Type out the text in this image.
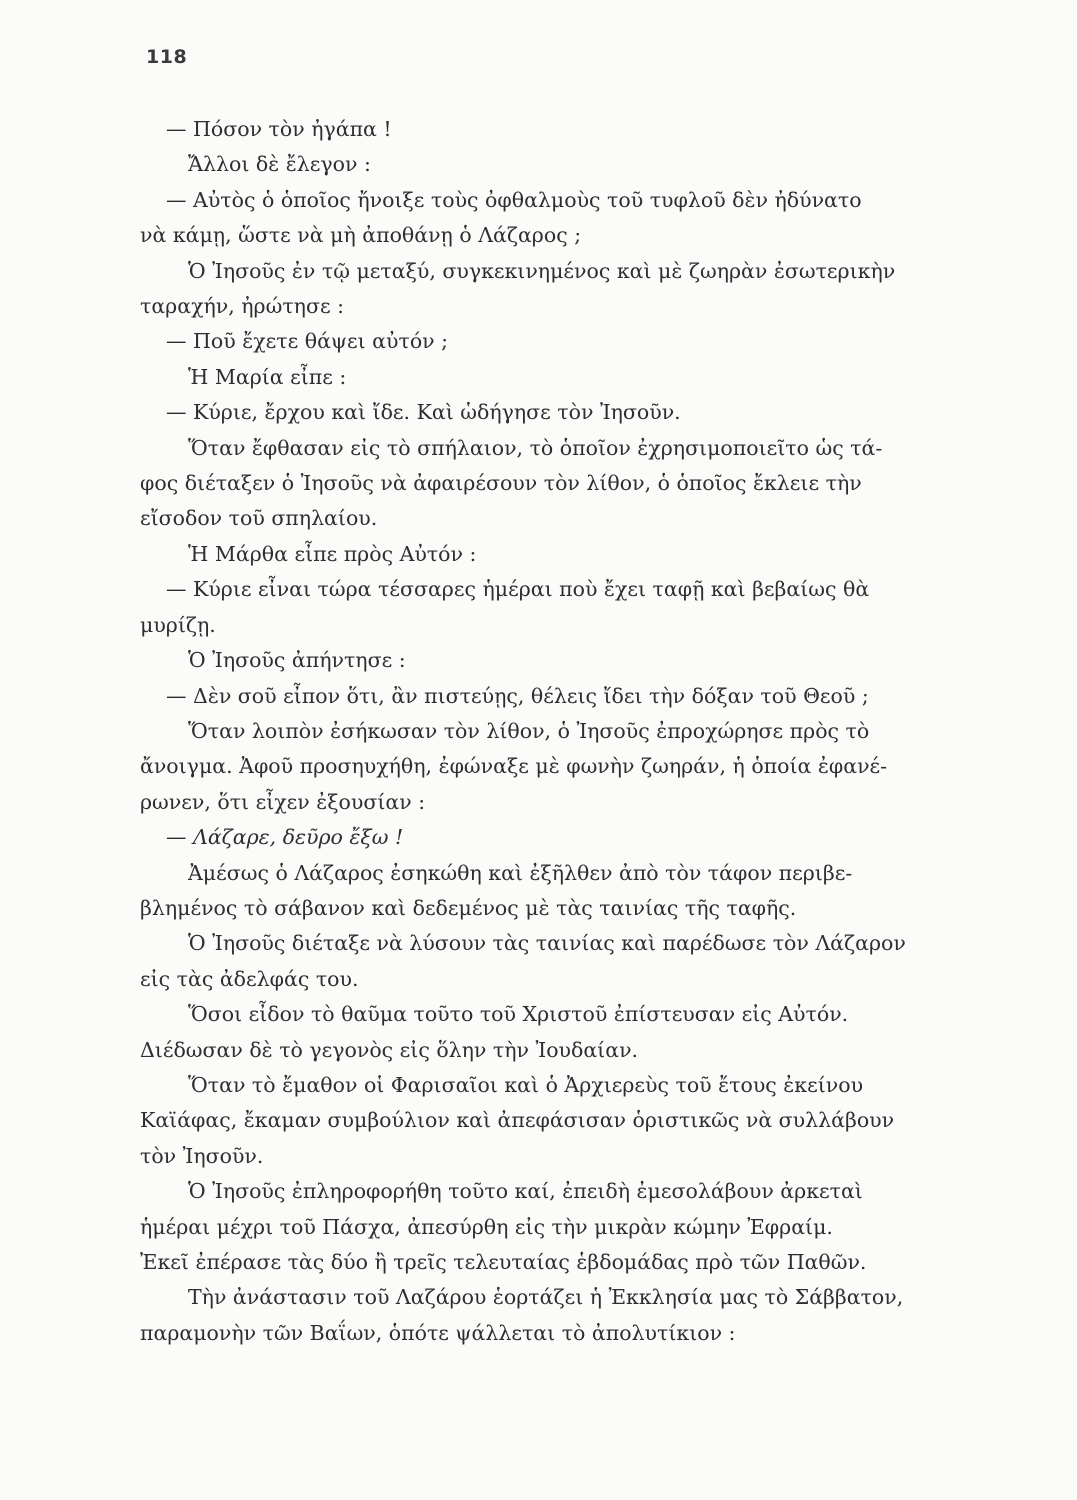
118
— Πόσον τὸν ἠγάπα !
Ἄλλοι δὲ ἔλεγον :
— Αὐτὸς ὁ ὁποῖος ἤνοιξε τοὺς ὀφθαλμοὺς τοῦ τυφλοῦ δὲν ἠδύνατο
νὰ κάμῃ, ὥστε νὰ μὴ ἀποθάνῃ ὁ Λάζαρος ;
Ὁ Ἰησοῦς ἐν τῷ μεταξύ, συγκεκινημένος καὶ μὲ ζωηρὰν ἐσωτερικὴν
ταραχήν, ἠρώτησε :
— Ποῦ ἔχετε θάψει αὐτόν ;
Ἡ Μαρία εἶπε :
— Κύριε, ἔρχου καὶ ἴδε. Καὶ ὡδήγησε τὸν Ἰησοῦν.
Ὅταν ἔφθασαν εἰς τὸ σπήλαιον, τὸ ὁποῖον ἐχρησιμοποιεῖτο ὡς τά-
φος διέταξεν ὁ Ἰησοῦς νὰ ἀφαιρέσουν τὸν λίθον, ὁ ὁποῖος ἔκλειε τὴν
εἴσοδον τοῦ σπηλαίου.
Ἡ Μάρθα εἶπε πρὸς Αὐτόν :
— Κύριε εἶναι τώρα τέσσαρες ἡμέραι ποὺ ἔχει ταφῇ καὶ βεβαίως θὰ
μυρίζῃ.
Ὁ Ἰησοῦς ἀπήντησε :
— Δὲν σοῦ εἶπον ὅτι, ἂν πιστεύῃς, θέλεις ἴδει τὴν δόξαν τοῦ Θεοῦ ;
Ὅταν λοιπὸν ἐσήκωσαν τὸν λίθον, ὁ Ἰησοῦς ἐπροχώρησε πρὸς τὸ
ἄνοιγμα. Ἀφοῦ προσηυχήθη, ἐφώναξε μὲ φωνὴν ζωηράν, ἡ ὁποία ἐφανέ-
ρωνεν, ὅτι εἶχεν ἐξουσίαν :
— Λάζαρε, δεῦρο ἔξω !
Ἀμέσως ὁ Λάζαρος ἐσηκώθη καὶ ἐξῆλθεν ἀπὸ τὸν τάφον περιβε-
βλημένος τὸ σάβανον καὶ δεδεμένος μὲ τὰς ταινίας τῆς ταφῆς.
Ὁ Ἰησοῦς διέταξε νὰ λύσουν τὰς ταινίας καὶ παρέδωσε τὸν Λάζαρον
εἰς τὰς ἀδελφάς του.
Ὅσοι εἶδον τὸ θαῦμα τοῦτο τοῦ Χριστοῦ ἐπίστευσαν εἰς Αὐτόν.
Διέδωσαν δὲ τὸ γεγονὸς εἰς ὅλην τὴν Ἰουδαίαν.
Ὅταν τὸ ἔμαθον οἱ Φαρισαῖοι καὶ ὁ Ἀρχιερεὺς τοῦ ἔτους ἐκείνου
Καϊάφας, ἔκαμαν συμβούλιον καὶ ἀπεφάσισαν ὁριστικῶς νὰ συλλάβουν
τὸν Ἰησοῦν.
Ὁ Ἰησοῦς ἐπληροφορήθη τοῦτο καί, ἐπειδὴ ἐμεσολάβουν ἀρκεταὶ
ἡμέραι μέχρι τοῦ Πάσχα, ἀπεσύρθη εἰς τὴν μικρὰν κώμην Ἐφραίμ.
Ἐκεῖ ἐπέρασε τὰς δύο ἢ τρεῖς τελευταίας ἑβδομάδας πρὸ τῶν Παθῶν.
Τὴν ἀνάστασιν τοῦ Λαζάρου ἑορτάζει ἡ Ἐκκλησία μας τὸ Σάββατον,
παραμονὴν τῶν Βαΐων, ὁπότε ψάλλεται τὸ ἀπολυτίκιον :
